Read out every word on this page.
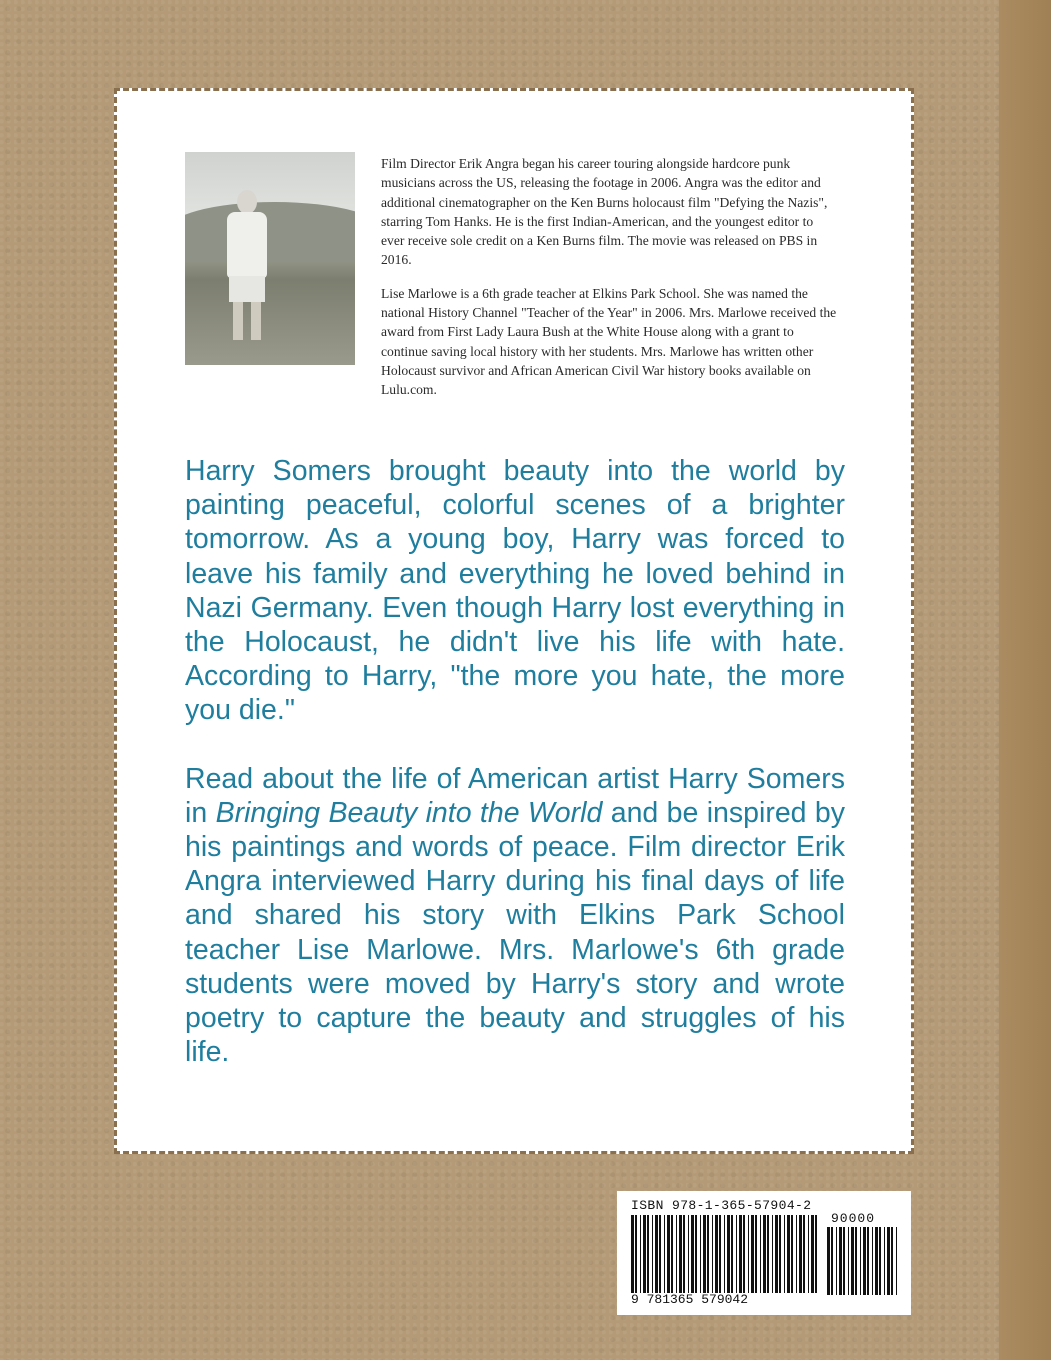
Film Director Erik Angra began his career touring alongside hardcore punk musicians across the US, releasing the footage in 2006. Angra was the editor and additional cinematographer on the Ken Burns holocaust film "Defying the Nazis", starring Tom Hanks. He is the first Indian-American, and the youngest editor to ever receive sole credit on a Ken Burns film. The movie was released on PBS in 2016.

Lise Marlowe is a 6th grade teacher at Elkins Park School. She was named the national History Channel "Teacher of the Year" in 2006. Mrs. Marlowe received the award from First Lady Laura Bush at the White House along with a grant to continue saving local history with her students. Mrs. Marlowe has written other Holocaust survivor and African American Civil War history books available on Lulu.com.

Harry Somers brought beauty into the world by painting peaceful, colorful scenes of a brighter tomorrow. As a young boy, Harry was forced to leave his family and everything he loved behind in Nazi Germany. Even though Harry lost everything in the Holocaust, he didn't live his life with hate. According to Harry, "the more you hate, the more you die."

Read about the life of American artist Harry Somers in Bringing Beauty into the World and be inspired by his paintings and words of peace. Film director Erik Angra interviewed Harry during his final days of life and shared his story with Elkins Park School teacher Lise Marlowe. Mrs. Marlowe's 6th grade students were moved by Harry's story and wrote poetry to capture the beauty and struggles of his life.

ISBN 978-1-365-57904-2
90000
9 781365 579042
